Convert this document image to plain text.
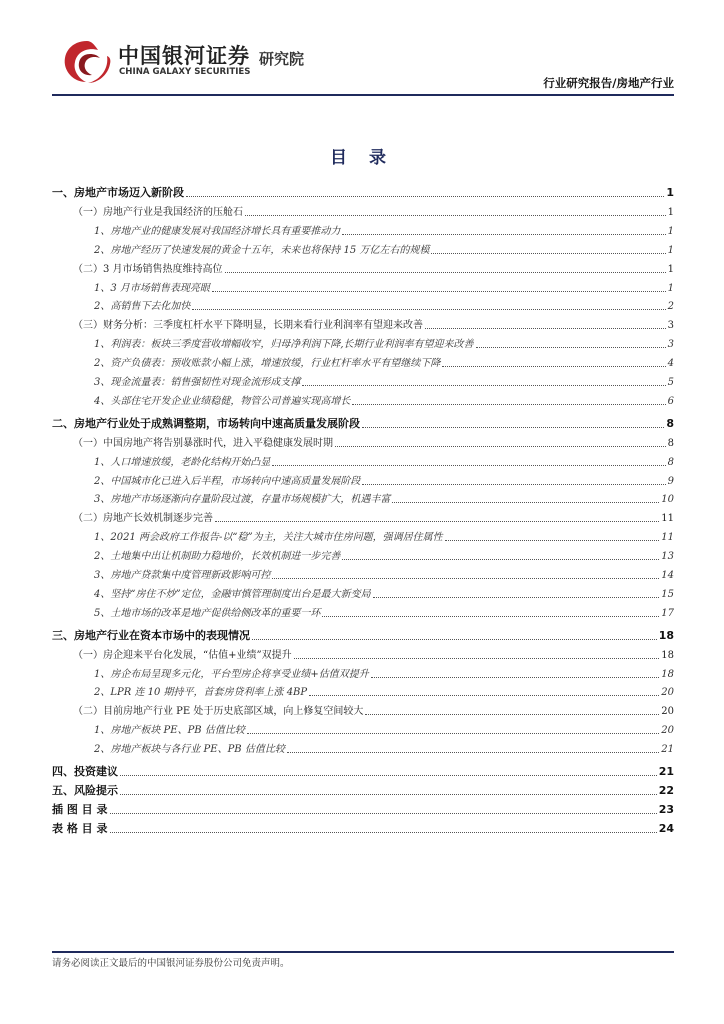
中国银河证券
CHINA GALAXY SECURITIES
研究院
行业研究报告/房地产行业
目 录
一、房地产市场迈入新阶段	1
（一）房地产行业是我国经济的压舱石	1
1、房地产业的健康发展对我国经济增长具有重要推动力	1
2、房地产经历了快速发展的黄金十五年，未来也将保持 15 万亿左右的规模	1
（二）3 月市场销售热度维持高位	1
1、3 月市场销售表现亮眼	1
2、高销售下去化加快	2
（三）财务分析：三季度杠杆水平下降明显，长期来看行业利润率有望迎来改善	3
1、利润表：板块三季度营收增幅收窄，归母净利润下降,长期行业利润率有望迎来改善	3
2、资产负债表：预收账款小幅上涨，增速放缓，行业杠杆率水平有望继续下降	4
3、现金流量表：销售强韧性对现金流形成支撑	5
4、头部住宅开发企业业绩稳健，物管公司普遍实现高增长	6
二、房地产行业处于成熟调整期，市场转向中速高质量发展阶段	8
（一）中国房地产将告别暴涨时代，进入平稳健康发展时期	8
1、人口增速放缓，老龄化结构开始凸显	8
2、中国城市化已进入后半程，市场转向中速高质量发展阶段	9
3、房地产市场逐渐向存量阶段过渡，存量市场规模扩大，机遇丰富	10
（二）房地产长效机制逐步完善	11
1、2021 两会政府工作报告-以“稳”为主，关注大城市住房问题，强调居住属性	11
2、土地集中出让机制助力稳地价，长效机制进一步完善	13
3、房地产贷款集中度管理新政影响可控	14
4、坚持“房住不炒”定位，金融审慎管理制度出台是最大新变局	15
5、土地市场的改革是地产促供给侧改革的重要一环	17
三、房地产行业在资本市场中的表现情况	18
（一）房企迎来平台化发展，“估值+业绩”双提升	18
1、房企布局呈现多元化，平台型房企将享受业绩+估值双提升	18
2、LPR 连 10 期持平，首套房贷利率上涨 4BP	20
（二）目前房地产行业 PE 处于历史底部区域，向上修复空间较大	20
1、房地产板块 PE、PB 估值比较	20
2、房地产板块与各行业 PE、PB 估值比较	21
四、投资建议	21
五、风险提示	22
插 图 目 录	23
表 格 目 录	24
请务必阅读正文最后的中国银河证券股份公司免责声明。
